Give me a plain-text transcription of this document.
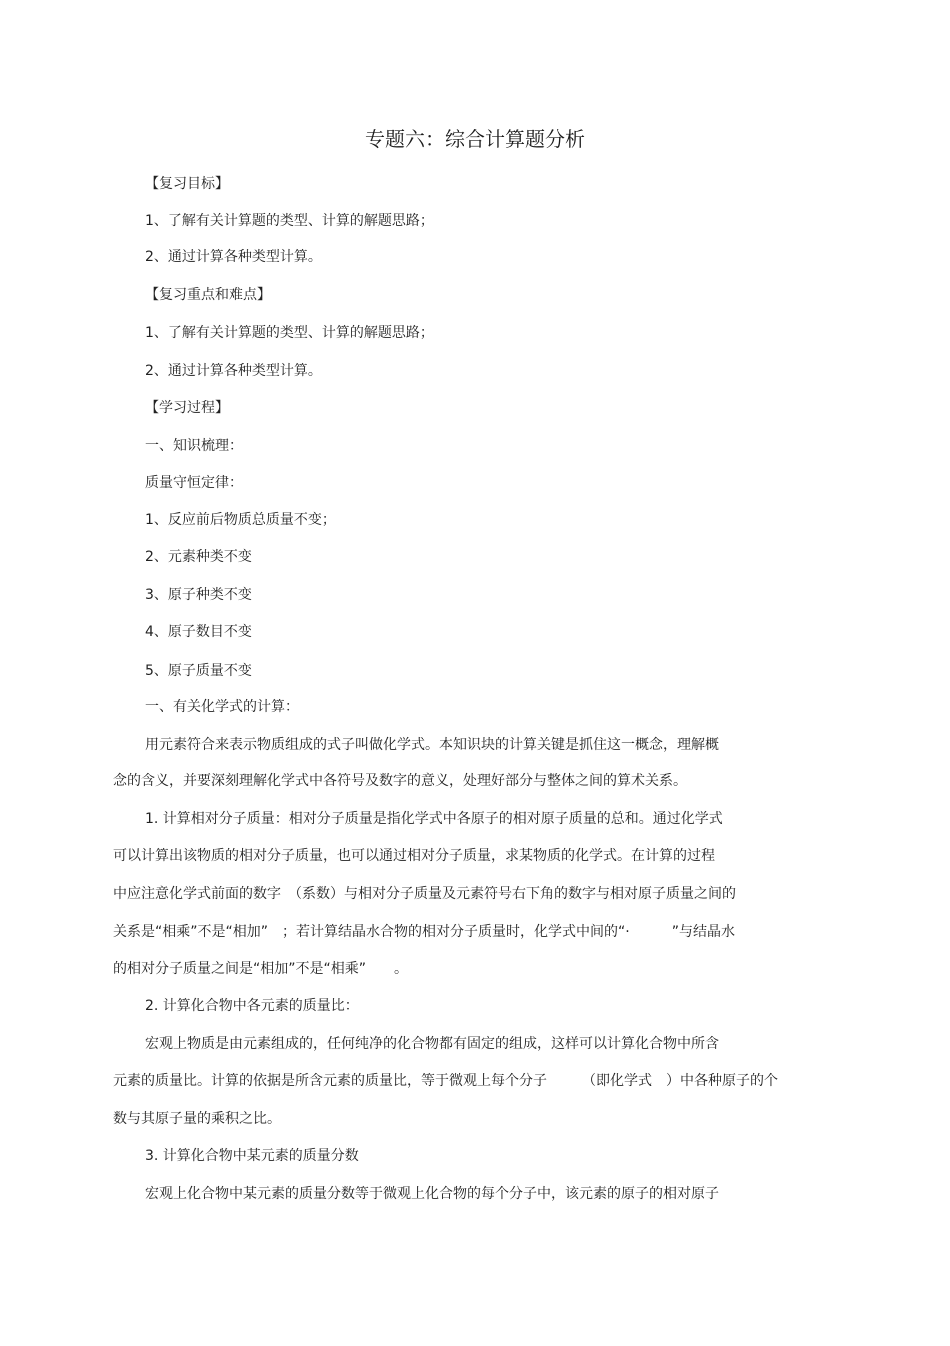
专题六：综合计算题分析
【复习目标】
1、了解有关计算题的类型、计算的解题思路；
2、通过计算各种类型计算。
【复习重点和难点】
1、了解有关计算题的类型、计算的解题思路；
2、通过计算各种类型计算。
【学习过程】
一、知识梳理：
质量守恒定律：
1、反应前后物质总质量不变；
2、元素种类不变
3、原子种类不变
4、原子数目不变
5、原子质量不变
一、有关化学式的计算：
用元素符合来表示物质组成的式子叫做化学式。本知识块的计算关键是抓住这一概念，理解概
念的含义，并要深刻理解化学式中各符号及数字的意义，处理好部分与整体之间的算术关系。
1. 计算相对分子质量：相对分子质量是指化学式中各原子的相对原子质量的总和。通过化学式
可以计算出该物质的相对分子质量，也可以通过相对分子质量，求某物质的化学式。在计算的过程
中应注意化学式前面的数字　（系数）与相对分子质量及元素符号右下角的数字与相对原子质量之间的
关系是“相乘”不是“相加”　；若计算结晶水合物的相对分子质量时，化学式中间的“·　　　”与结晶水
的相对分子质量之间是“相加”不是“相乘”　　。
2. 计算化合物中各元素的质量比：
宏观上物质是由元素组成的，任何纯净的化合物都有固定的组成，这样可以计算化合物中所含
元素的质量比。计算的依据是所含元素的质量比，等于微观上每个分子　　　（即化学式　）中各种原子的个
数与其原子量的乘积之比。
3. 计算化合物中某元素的质量分数
宏观上化合物中某元素的质量分数等于微观上化合物的每个分子中，该元素的原子的相对原子
